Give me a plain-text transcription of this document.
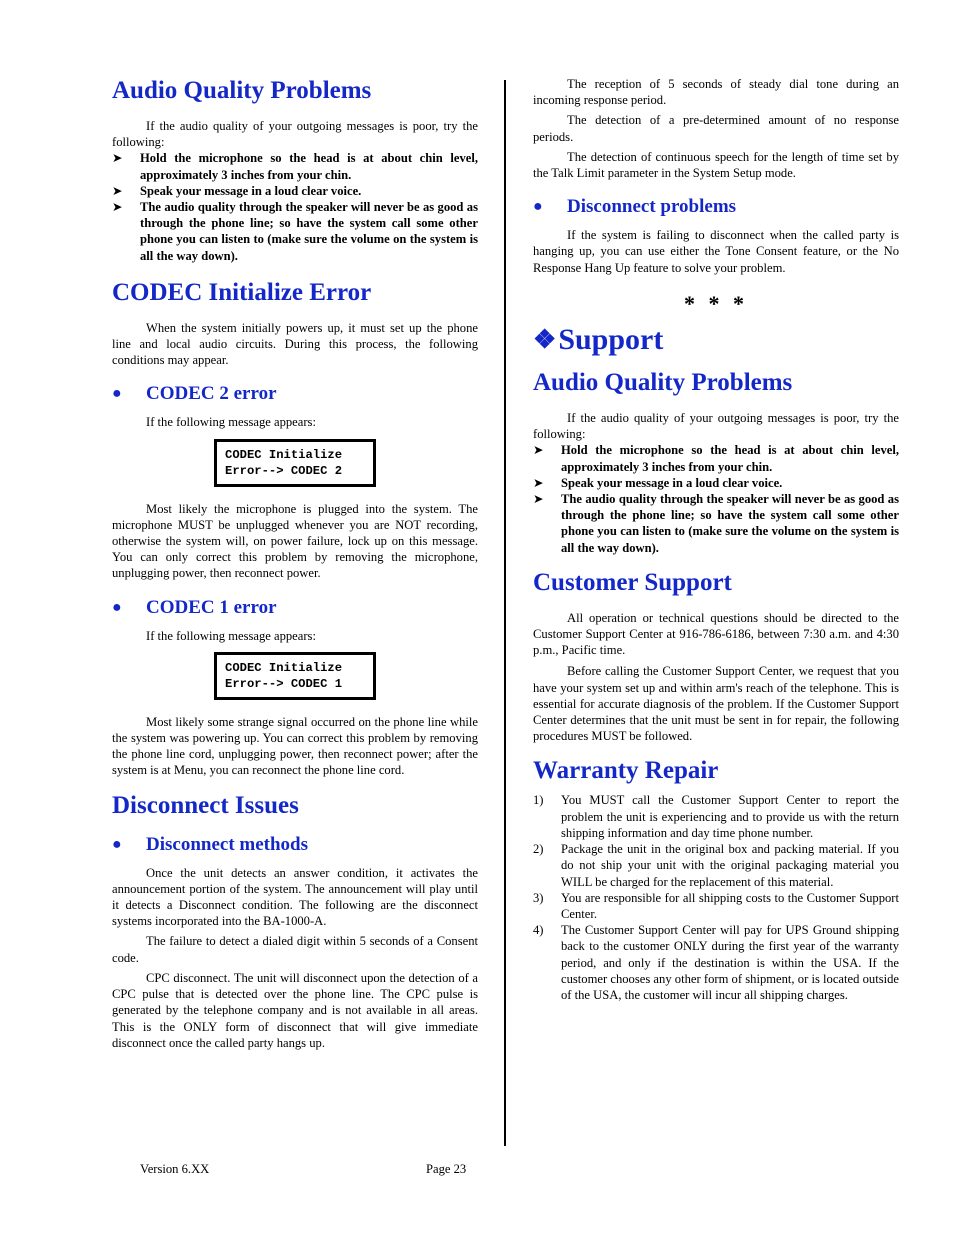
Audio Quality Problems

If the audio quality of your outgoing messages is poor, try the following:

➤	Hold the microphone so the head is at about chin level, approximately 3 inches from your chin.
➤	Speak your message in a loud clear voice.
➤	The audio quality through the speaker will never be as good as through the phone line; so have the system call some other phone you can listen to (make sure the volume on the system is all the way down).
CODEC Initialize Error

When the system initially powers up, it must set up the phone line and local audio circuits. During this process, the following conditions may appear.

●	CODEC 2 error
If the following message appears:
CODEC Initialize
Error--> CODEC 2

Most likely the microphone is plugged into the system. The microphone MUST be unplugged whenever you are NOT recording, otherwise the system will, on power failure, lock up on this message. You can only correct this problem by removing the microphone, unplugging power, then reconnect power.

●	CODEC 1 error
If the following message appears:
CODEC Initialize
Error--> CODEC 1

Most likely some strange signal occurred on the phone line while the system was powering up. You can correct this problem by removing the phone line cord, unplugging power, then reconnect power; after the system is at Menu, you can reconnect the phone line cord.

Disconnect Issues
●	Disconnect methods

Once the unit detects an answer condition, it activates the announcement portion of the system. The announcement will play until it detects a Disconnect condition. The following are the disconnect systems incorporated into the BA-1000-A.

The failure to detect a dialed digit within 5 seconds of a Consent code.

CPC disconnect. The unit will disconnect upon the detection of a CPC pulse that is detected over the phone line. The CPC pulse is generated by the telephone company and is not available in all areas. This is the ONLY form of disconnect that will give immediate disconnect once the called party hangs up.

The reception of 5 seconds of steady dial tone during an incoming response period.

The detection of a pre-determined amount of no response periods.

The detection of continuous speech for the length of time set by the Talk Limit parameter in the System Setup mode.

●	Disconnect problems

If the system is failing to disconnect when the called party is hanging up, you can use either the Tone Consent feature, or the No Response Hang Up feature to solve your problem.

* * *
❖ Support
Audio Quality Problems

If the audio quality of your outgoing messages is poor, try the following:

➤	Hold the microphone so the head is at about chin level, approximately 3 inches from your chin.
➤	Speak your message in a loud clear voice.
➤	The audio quality through the speaker will never be as good as through the phone line; so have the system call some other phone you can listen to (make sure the volume on the system is all the way down).
Customer Support

All operation or technical questions should be directed to the Customer Support Center at 916-786-6186, between 7:30 a.m. and 4:30 p.m., Pacific time.

Before calling the Customer Support Center, we request that you have your system set up and within arm's reach of the telephone. This is essential for accurate diagnosis of the problem. If the Customer Support Center determines that the unit must be sent in for repair, the following procedures MUST be followed.

Warranty Repair
1)	You MUST call the Customer Support Center to report the problem the unit is experiencing and to provide us with the return shipping information and day time phone number.
2)	Package the unit in the original box and packing material. If you do not ship your unit with the original packaging material you WILL be charged for the replacement of this material.
3)	You are responsible for all shipping costs to the Customer Support Center.
4)	The Customer Support Center will pay for UPS Ground shipping back to the customer ONLY during the first year of the warranty period, and only if the destination is within the USA. If the customer chooses any other form of shipment, or is located outside of the USA, the customer will incur all shipping charges.
Version 6.XX	Page 23
